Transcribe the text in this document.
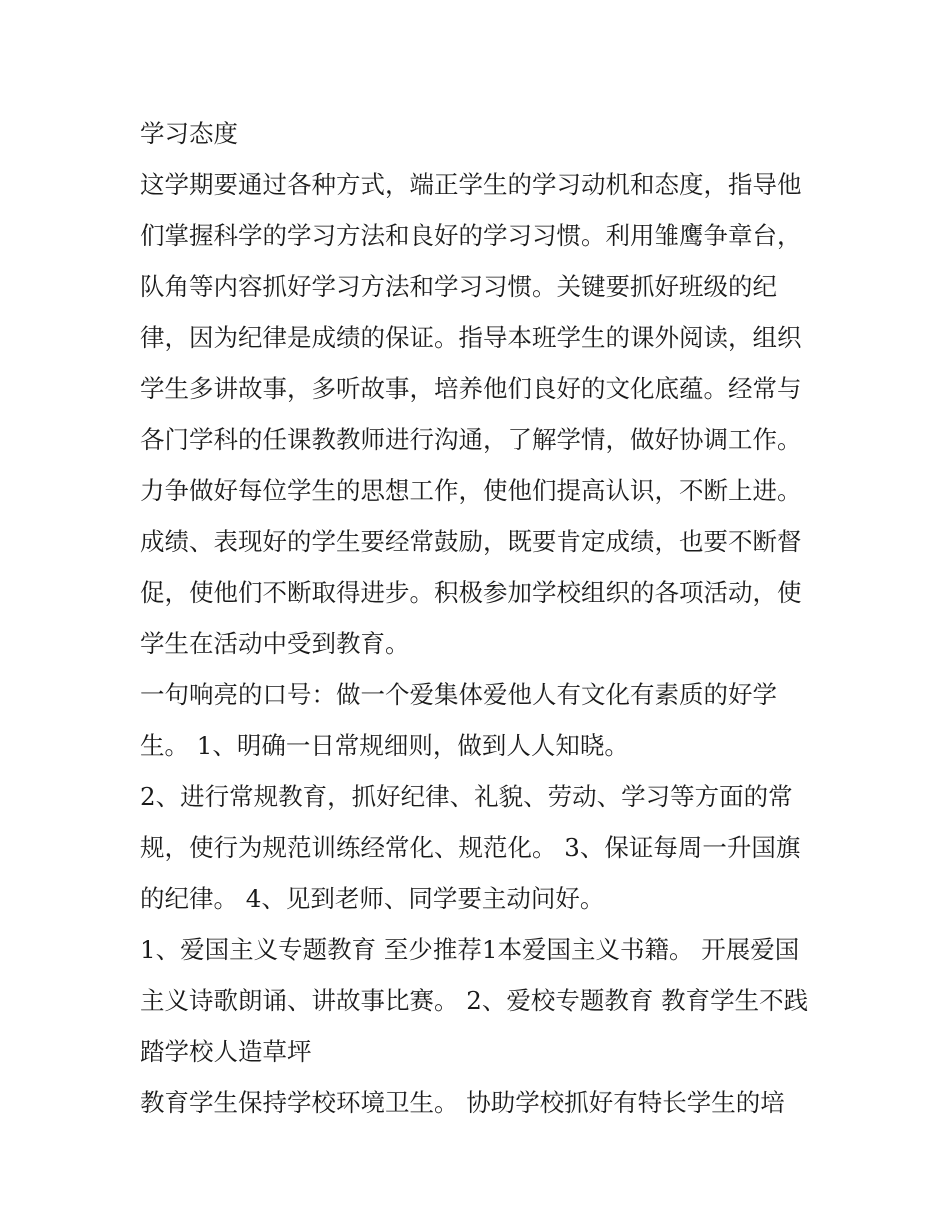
学习态度
这学期要通过各种方式，端正学生的学习动机和态度，指导他
们掌握科学的学习方法和良好的学习习惯。利用雏鹰争章台，
队角等内容抓好学习方法和学习习惯。关键要抓好班级的纪
律，因为纪律是成绩的保证。指导本班学生的课外阅读，组织
学生多讲故事，多听故事，培养他们良好的文化底蕴。经常与
各门学科的任课教教师进行沟通，了解学情，做好协调工作。
力争做好每位学生的思想工作，使他们提高认识，不断上进。
成绩、表现好的学生要经常鼓励，既要肯定成绩，也要不断督
促，使他们不断取得进步。积极参加学校组织的各项活动，使
学生在活动中受到教育。
一句响亮的口号：做一个爱集体爱他人有文化有素质的好学
生。 1、明确一日常规细则，做到人人知晓。
2、进行常规教育，抓好纪律、礼貌、劳动、学习等方面的常
规，使行为规范训练经常化、规范化。 3、保证每周一升国旗
的纪律。 4、见到老师、同学要主动问好。
1、爱国主义专题教育 至少推荐1本爱国主义书籍。 开展爱国
主义诗歌朗诵、讲故事比赛。 2、爱校专题教育 教育学生不践
踏学校人造草坪
教育学生保持学校环境卫生。 协助学校抓好有特长学生的培
